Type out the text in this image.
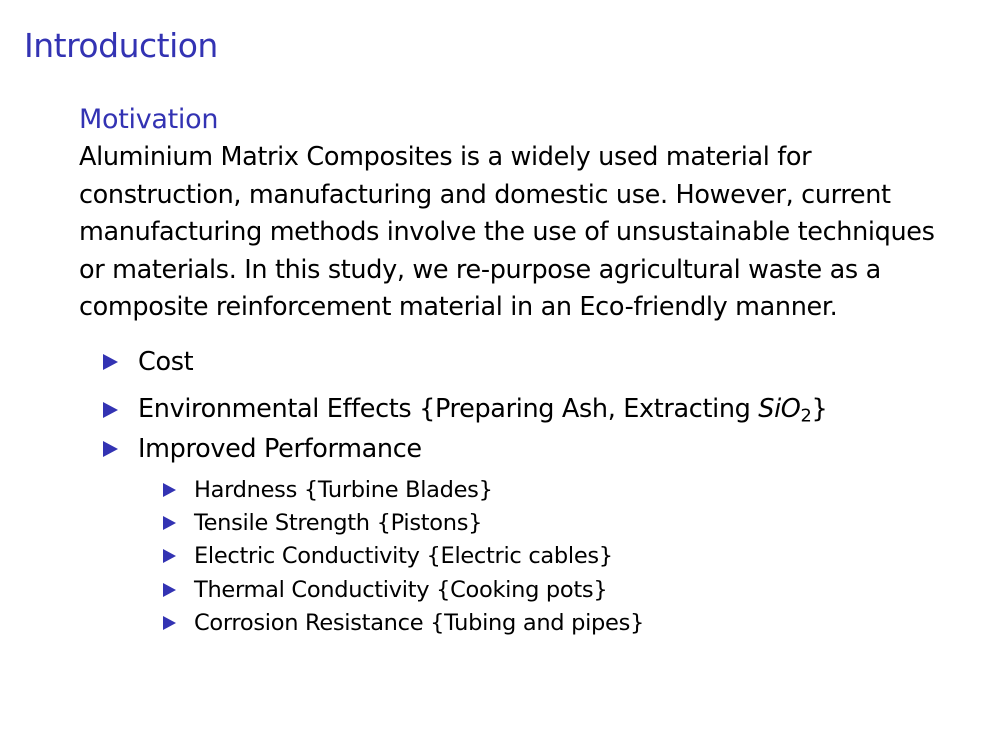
Introduction
Motivation
Aluminium Matrix Composites is a widely used material for construction, manufacturing and domestic use. However, current manufacturing methods involve the use of unsustainable techniques or materials. In this study, we re-purpose agricultural waste as a composite reinforcement material in an Eco-friendly manner.
Cost
Environmental Effects {Preparing Ash, Extracting SiO$_2$}
Improved Performance
Hardness {Turbine Blades}
Tensile Strength {Pistons}
Electric Conductivity {Electric cables}
Thermal Conductivity {Cooking pots}
Corrosion Resistance {Tubing and pipes}
